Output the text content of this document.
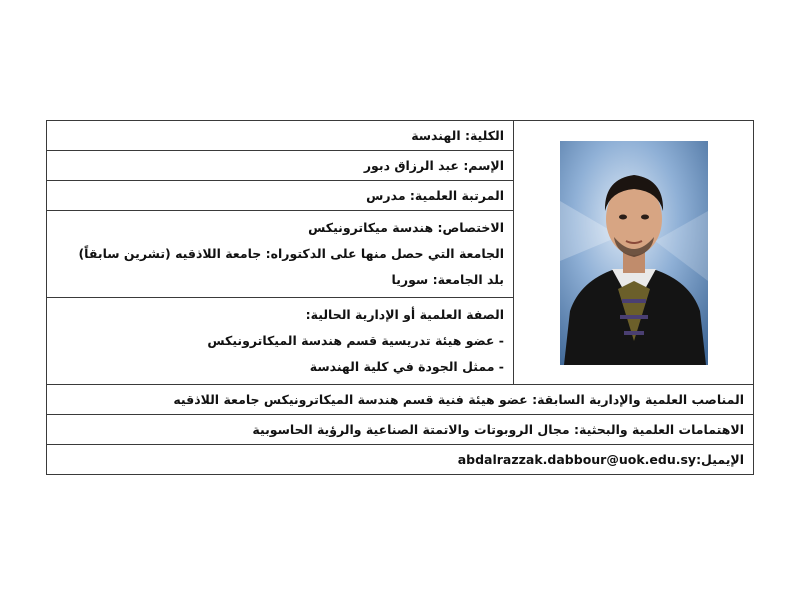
الكلية: الهندسة

الإسم: عبد الرزاق دبور

المرتبة العلمية: مدرس

الاختصاص: هندسة ميكاترونيكس
الجامعة التي حصل منها على الدكتوراه: جامعة اللاذقيه (تشرين سابقاً)
بلد الجامعة: سوريا

الصفة العلمية أو الإدارية الحالية:
- عضو هيئة تدريسية قسم هندسة الميكاترونيكس
- ممثل الجودة في كلية الهندسة

المناصب العلمية والإدارية السابقة: عضو هيئة فنية قسم هندسة الميكاترونيكس جامعة اللاذقيه

الاهتمامات العلمية والبحثية: مجال الروبوتات والاتمتة الصناعية والرؤية الحاسوبية

الإيميل:abdalrazzak.dabbour@uok.edu.sy
